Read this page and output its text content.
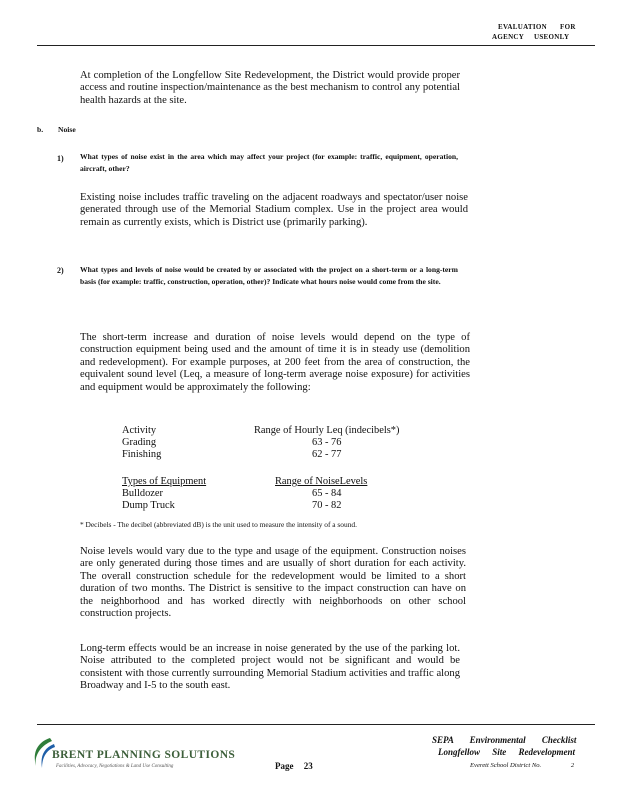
EVALUATION FOR

AGENCY USEONLY

At completion of the Longfellow Site Redevelopment, the District would provide proper access and routine inspection/maintenance as the best mechanism to control any potential health hazards at the site.

b. Noise
1) What types of noise exist in the area which may affect your project (for example: traffic, equipment, operation, aircraft, other?

Existing noise includes traffic traveling on the adjacent roadways and spectator/user noise generated through use of the Memorial Stadium complex. Use in the project area would remain as currently exists, which is District use (primarily parking).

2) What types and levels of noise would be created by or associated with the project on a short-term or a long-term basis (for example: traffic, construction, operation, other)? Indicate what hours noise would come from the site.

The short-term increase and duration of noise levels would depend on the type of construction equipment being used and the amount of time it is in steady use (demolition and redevelopment). For example purposes, at 200 feet from the area of construction, the equivalent sound level (Leq, a measure of long-term average noise exposure) for activities and equipment would be approximately the following:

Activity	Range of Hourly Leq (indecibels*)
Grading	63 - 76
Finishing	62 - 77
Types of Equipment	Range of NoiseLevels
Bulldozer	65 - 84
Dump Truck	70 - 82
* Decibels - The decibel (abbreviated dB) is the unit used to measure the intensity of a sound.

Noise levels would vary due to the type and usage of the equipment. Construction noises are only generated during those times and are usually of short duration for each activity. The overall construction schedule for the redevelopment would be limited to a short duration of two months. The District is sensitive to the impact construction can have on the neighborhood and has worked directly with neighborhoods on other school construction projects.

Long-term effects would be an increase in noise generated by the use of the parking lot. Noise attributed to the completed project would not be significant and would be consistent with those currently surrounding Memorial Stadium activities and traffic along Broadway and I-5 to the south east.

BRENT PLANNING SOLUTIONS
Facilities, Advocacy, Negotiations & Land Use Consulting	Page 23
SEPA Environmental Checklist
Longfellow Site Redevelopment
Everett School District No.	2
